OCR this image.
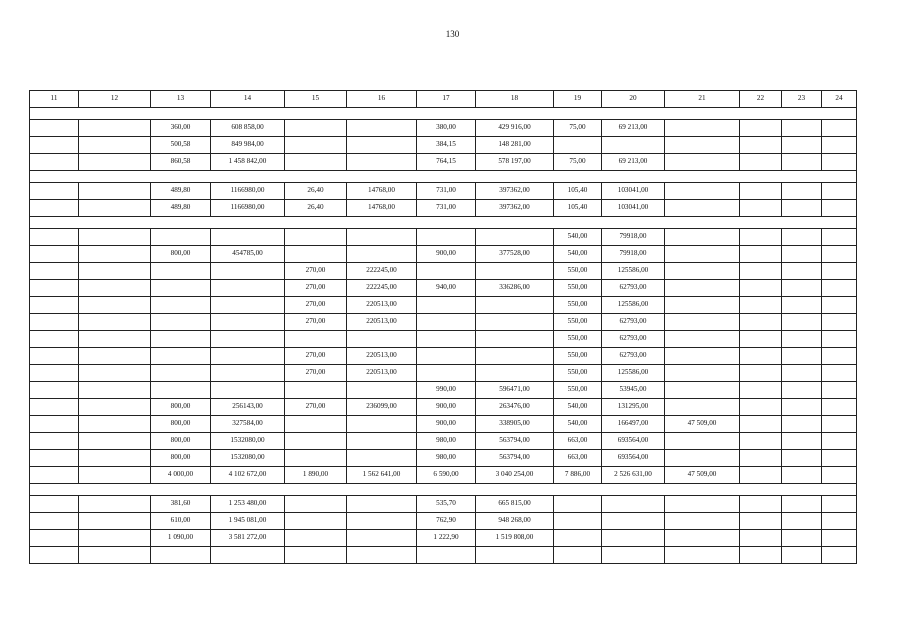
130
11	12	13	14	15	16	17	18	19	20	21	22	23	24

		360,00	608 858,00			380,00	429 916,00	75,00	69 213,00				
		500,58	849 984,00			384,15	148 281,00						
		860,58	1 458 842,00			764,15	578 197,00	75,00	69 213,00				

		489,80	1166980,00	26,40	14768,00	731,00	397362,00	105,40	103041,00				
		489,80	1166980,00	26,40	14768,00	731,00	397362,00	105,40	103041,00				

								540,00	79918,00				
		800,00	454785,00			900,00	377528,00	540,00	79918,00				
				270,00	222245,00			550,00	125586,00				
				270,00	222245,00	940,00	336286,00	550,00	62793,00				
				270,00	220513,00			550,00	125586,00				
				270,00	220513,00			550,00	62793,00				
								550,00	62793,00				
				270,00	220513,00			550,00	62793,00				
				270,00	220513,00			550,00	125586,00				
						990,00	596471,00	550,00	53945,00				
		800,00	256143,00	270,00	236099,00	900,00	263476,00	540,00	131295,00				
		800,00	327584,00			900,00	338905,00	540,00	166497,00	47 509,00			
		800,00	1532080,00			980,00	563794,00	663,00	693564,00				
		800,00	1532080,00			980,00	563794,00	663,00	693564,00				
		4 000,00	4 102 672,00	1 890,00	1 562 641,00	6 590,00	3 040 254,00	7 886,00	2 526 631,00	47 509,00			

		381,60	1 253 480,00			535,70	665 815,00						
		610,00	1 945 081,00			762,90	948 268,00						
		1 090,00	3 581 272,00			1 222,90	1 519 808,00						
